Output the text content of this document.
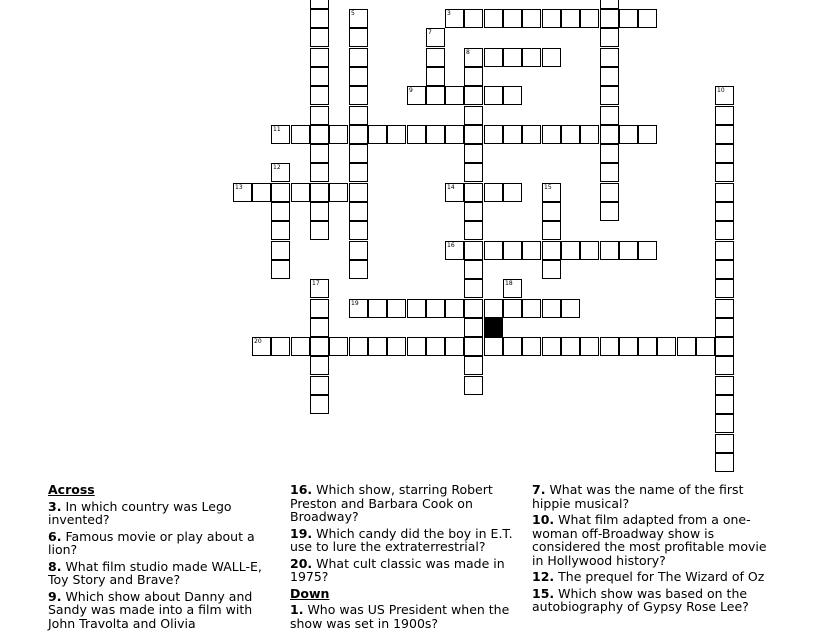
3
5
7
8
9	10
11
12
13	14	15
16
17	18
19
20
Across
3. In which country was Lego invented?
6. Famous movie or play about a lion?
8. What film studio made WALL-E, Toy Story and Brave?
9. Which show about Danny and Sandy was made into a film with John Travolta and Olivia
16. Which show, starring Robert Preston and Barbara Cook on Broadway?
19. Which candy did the boy in E.T. use to lure the extraterrestrial?
20. What cult classic was made in 1975?
Down
1. Who was US President when the show was set in 1900s?
7. What was the name of the first hippie musical?
10. What film adapted from a one-woman off-Broadway show is considered the most profitable movie in Hollywood history?
12. The prequel for The Wizard of Oz
15. Which show was based on the autobiography of Gypsy Rose Lee?
